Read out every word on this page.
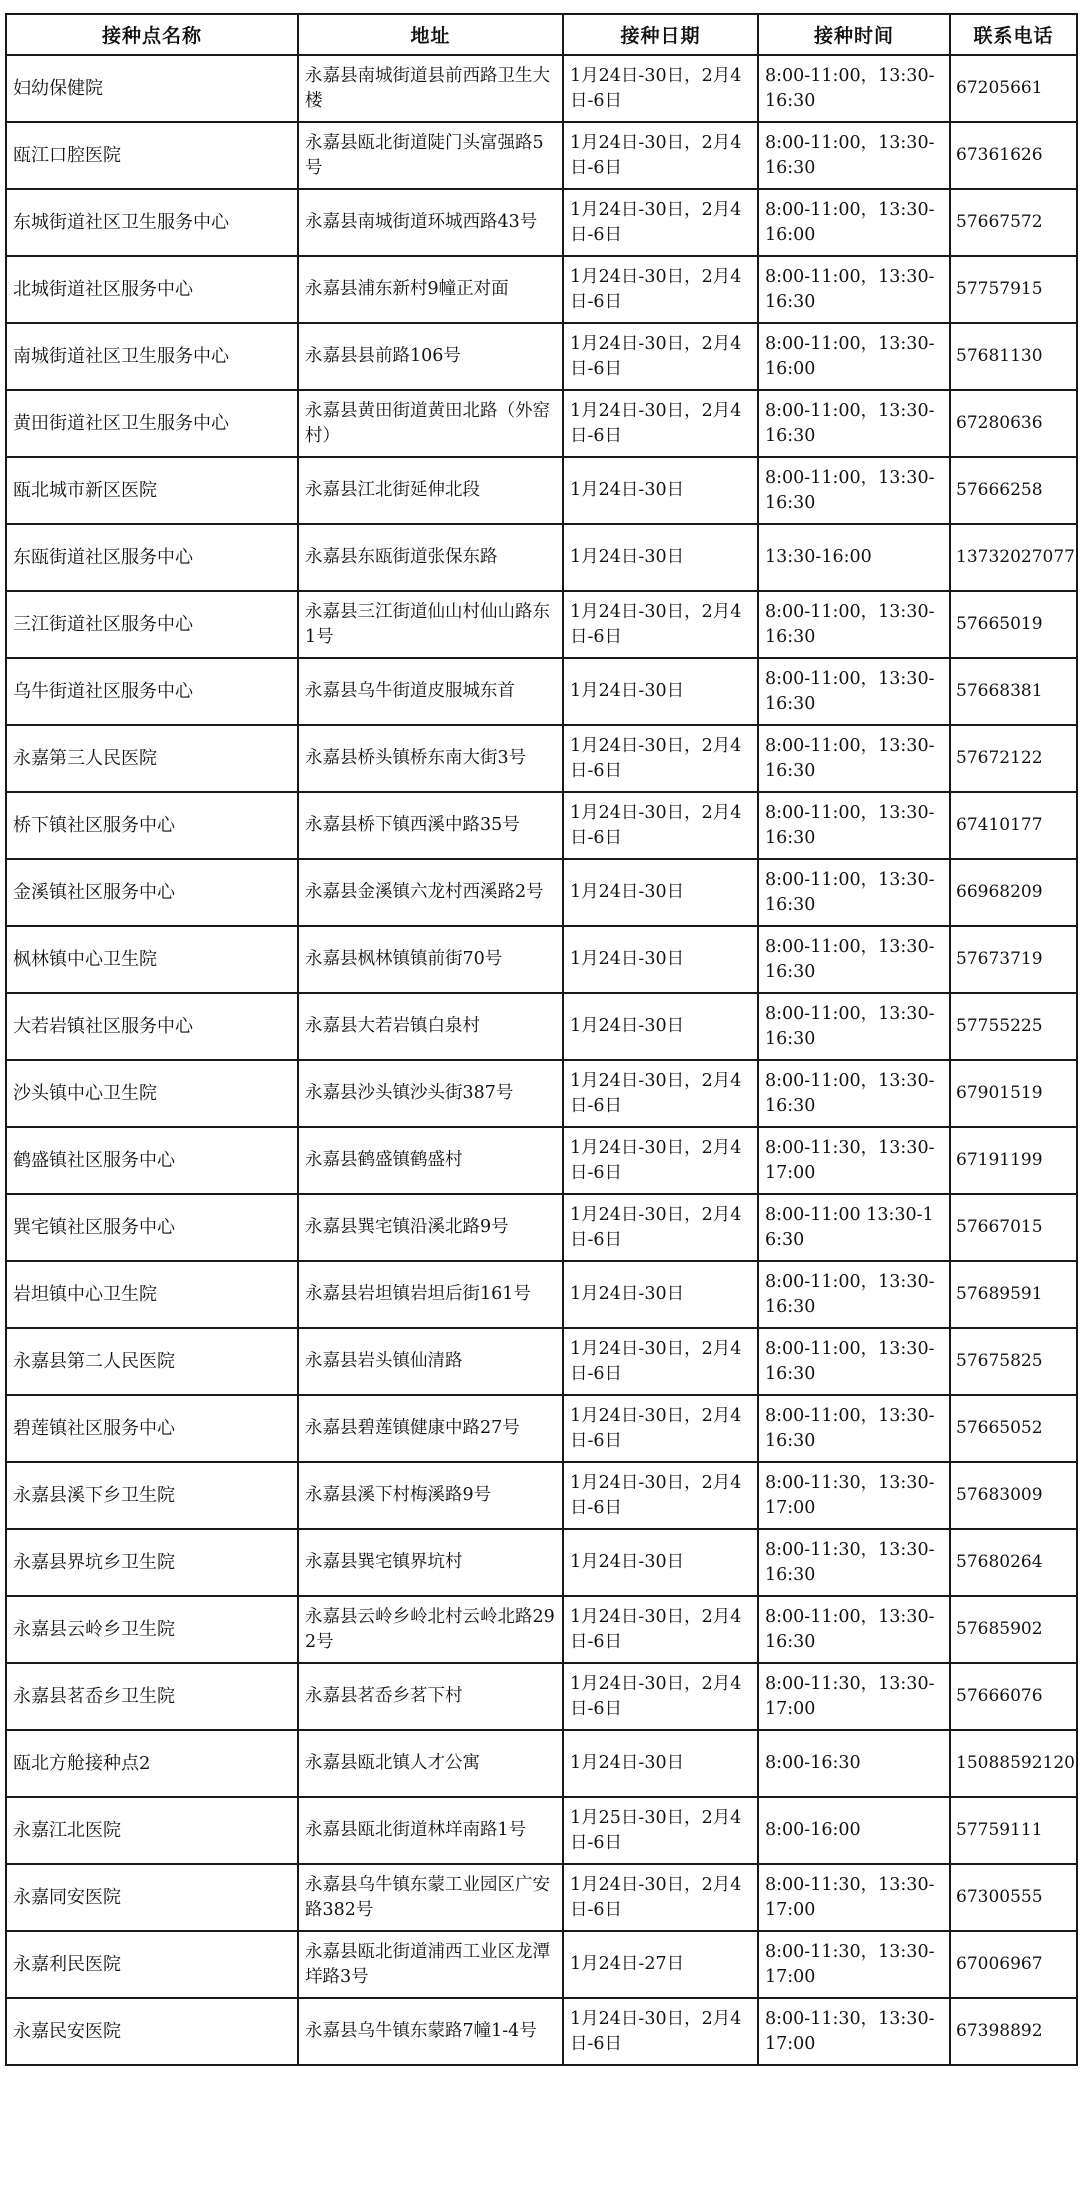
接种点名称	地址	接种日期	接种时间	联系电话
妇幼保健院	永嘉县南城街道县前西路卫生大楼	1月24日-30日，2月4日-6日	8:00-11:00，13:30-16:30	67205661
瓯江口腔医院	永嘉县瓯北街道陡门头富强路5号	1月24日-30日，2月4日-6日	8:00-11:00，13:30-16:30	67361626
东城街道社区卫生服务中心	永嘉县南城街道环城西路43号	1月24日-30日，2月4日-6日	8:00-11:00，13:30-16:00	57667572
北城街道社区服务中心	永嘉县浦东新村9幢正对面	1月24日-30日，2月4日-6日	8:00-11:00，13:30-16:30	57757915
南城街道社区卫生服务中心	永嘉县县前路106号	1月24日-30日，2月4日-6日	8:00-11:00，13:30-16:00	57681130
黄田街道社区卫生服务中心	永嘉县黄田街道黄田北路（外窑村）	1月24日-30日，2月4日-6日	8:00-11:00，13:30-16:30	67280636
瓯北城市新区医院	永嘉县江北街延伸北段	1月24日-30日	8:00-11:00，13:30-16:30	57666258
东瓯街道社区服务中心	永嘉县东瓯街道张保东路	1月24日-30日	13:30-16:00	13732027077
三江街道社区服务中心	永嘉县三江街道仙山村仙山路东1号	1月24日-30日，2月4日-6日	8:00-11:00，13:30-16:30	57665019
乌牛街道社区服务中心	永嘉县乌牛街道皮服城东首	1月24日-30日	8:00-11:00，13:30-16:30	57668381
永嘉第三人民医院	永嘉县桥头镇桥东南大街3号	1月24日-30日，2月4日-6日	8:00-11:00，13:30-16:30	57672122
桥下镇社区服务中心	永嘉县桥下镇西溪中路35号	1月24日-30日，2月4日-6日	8:00-11:00，13:30-16:30	67410177
金溪镇社区服务中心	永嘉县金溪镇六龙村西溪路2号	1月24日-30日	8:00-11:00，13:30-16:30	66968209
枫林镇中心卫生院	永嘉县枫林镇镇前街70号	1月24日-30日	8:00-11:00，13:30-16:30	57673719
大若岩镇社区服务中心	永嘉县大若岩镇白泉村	1月24日-30日	8:00-11:00，13:30-16:30	57755225
沙头镇中心卫生院	永嘉县沙头镇沙头街387号	1月24日-30日，2月4日-6日	8:00-11:00，13:30-16:30	67901519
鹤盛镇社区服务中心	永嘉县鹤盛镇鹤盛村	1月24日-30日，2月4日-6日	8:00-11:30，13:30-17:00	67191199
巽宅镇社区服务中心	永嘉县巽宅镇沿溪北路9号	1月24日-30日，2月4日-6日	8:00-11:00 13:30-16:30	57667015
岩坦镇中心卫生院	永嘉县岩坦镇岩坦后街161号	1月24日-30日	8:00-11:00，13:30-16:30	57689591
永嘉县第二人民医院	永嘉县岩头镇仙清路	1月24日-30日，2月4日-6日	8:00-11:00，13:30-16:30	57675825
碧莲镇社区服务中心	永嘉县碧莲镇健康中路27号	1月24日-30日，2月4日-6日	8:00-11:00，13:30-16:30	57665052
永嘉县溪下乡卫生院	永嘉县溪下村梅溪路9号	1月24日-30日，2月4日-6日	8:00-11:30，13:30-17:00	57683009
永嘉县界坑乡卫生院	永嘉县巽宅镇界坑村	1月24日-30日	8:00-11:30，13:30-16:30	57680264
永嘉县云岭乡卫生院	永嘉县云岭乡岭北村云岭北路292号	1月24日-30日，2月4日-6日	8:00-11:00，13:30-16:30	57685902
永嘉县茗岙乡卫生院	永嘉县茗岙乡茗下村	1月24日-30日，2月4日-6日	8:00-11:30，13:30-17:00	57666076
瓯北方舱接种点2	永嘉县瓯北镇人才公寓	1月24日-30日	8:00-16:30	15088592120
永嘉江北医院	永嘉县瓯北街道林垟南路1号	1月25日-30日，2月4日-6日	8:00-16:00	57759111
永嘉同安医院	永嘉县乌牛镇东蒙工业园区广安路382号	1月24日-30日，2月4日-6日	8:00-11:30，13:30-17:00	67300555
永嘉利民医院	永嘉县瓯北街道浦西工业区龙潭垟路3号	1月24日-27日	8:00-11:30，13:30-17:00	67006967
永嘉民安医院	永嘉县乌牛镇东蒙路7幢1-4号	1月24日-30日，2月4日-6日	8:00-11:30，13:30-17:00	67398892
